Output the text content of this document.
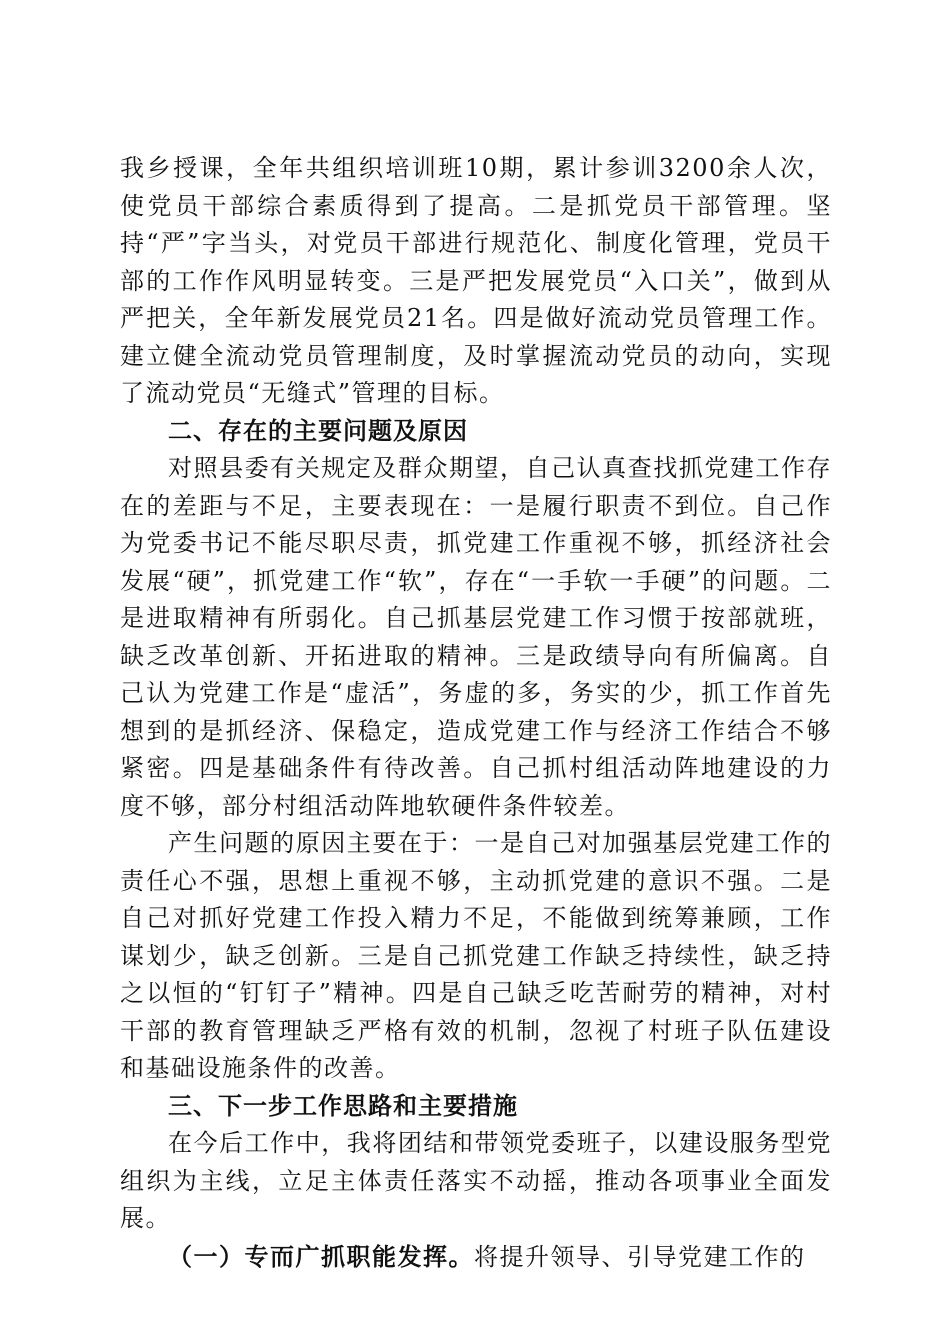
我乡授课，全年共组织培训班10期，累计参训3200余人次，使党员干部综合素质得到了提高。二是抓党员干部管理。坚持“严”字当头，对党员干部进行规范化、制度化管理，党员干部的工作作风明显转变。三是严把发展党员“入口关”，做到从严把关，全年新发展党员21名。四是做好流动党员管理工作。建立健全流动党员管理制度，及时掌握流动党员的动向，实现了流动党员“无缝式”管理的目标。

二、存在的主要问题及原因

对照县委有关规定及群众期望，自己认真查找抓党建工作存在的差距与不足，主要表现在：一是履行职责不到位。自己作为党委书记不能尽职尽责，抓党建工作重视不够，抓经济社会发展“硬”，抓党建工作“软”，存在“一手软一手硬”的问题。二是进取精神有所弱化。自己抓基层党建工作习惯于按部就班，缺乏改革创新、开拓进取的精神。三是政绩导向有所偏离。自己认为党建工作是“虚活”，务虚的多，务实的少，抓工作首先想到的是抓经济、保稳定，造成党建工作与经济工作结合不够紧密。四是基础条件有待改善。自己抓村组活动阵地建设的力度不够，部分村组活动阵地软硬件条件较差。

产生问题的原因主要在于：一是自己对加强基层党建工作的责任心不强，思想上重视不够，主动抓党建的意识不强。二是自己对抓好党建工作投入精力不足，不能做到统筹兼顾，工作谋划少，缺乏创新。三是自己抓党建工作缺乏持续性，缺乏持之以恒的“钉钉子”精神。四是自己缺乏吃苦耐劳的精神，对村干部的教育管理缺乏严格有效的机制，忽视了村班子队伍建设和基础设施条件的改善。

三、下一步工作思路和主要措施

在今后工作中，我将团结和带领党委班子，以建设服务型党组织为主线，立足主体责任落实不动摇，推动各项事业全面发展。

（一）专而广抓职能发挥。将提升领导、引导党建工作的
